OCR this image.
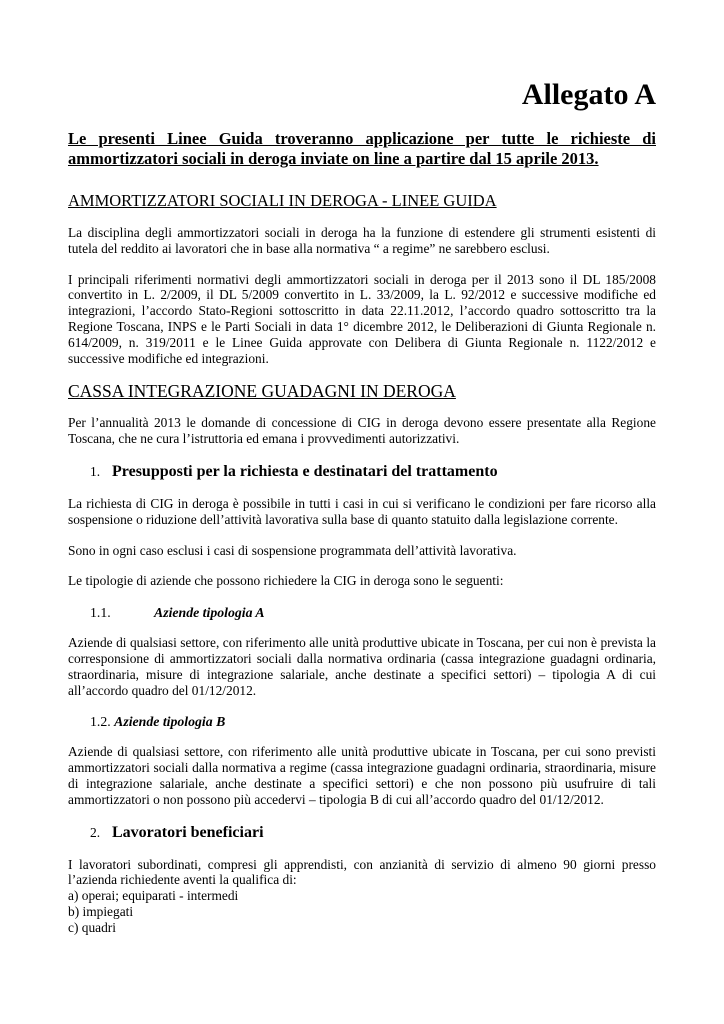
Allegato A
Le presenti Linee Guida troveranno applicazione per tutte le richieste di ammortizzatori sociali in deroga inviate on line a partire dal 15 aprile 2013.
AMMORTIZZATORI SOCIALI IN DEROGA - LINEE GUIDA

La disciplina degli ammortizzatori sociali in deroga ha la funzione di estendere gli strumenti esistenti di tutela del reddito ai lavoratori che in base alla normativa “ a regime” ne sarebbero esclusi.

I principali riferimenti normativi degli ammortizzatori sociali in deroga per il 2013 sono il DL 185/2008 convertito in L. 2/2009, il DL 5/2009 convertito in L. 33/2009, la L. 92/2012 e successive modifiche ed integrazioni, l’accordo Stato-Regioni sottoscritto in data 22.11.2012, l’accordo quadro sottoscritto tra la Regione Toscana, INPS e le Parti Sociali in data 1° dicembre 2012, le Deliberazioni di Giunta Regionale n. 614/2009, n. 319/2011 e le Linee Guida approvate con Delibera di Giunta Regionale n. 1122/2012 e successive modifiche ed integrazioni.

CASSA INTEGRAZIONE GUADAGNI IN DEROGA

Per l’annualità 2013 le domande di concessione di CIG in deroga devono essere presentate alla Regione Toscana, che ne cura l’istruttoria ed emana i provvedimenti autorizzativi.

1. Presupposti per la richiesta e destinatari del trattamento

La richiesta di CIG in deroga è possibile in tutti i casi in cui si verificano le condizioni per fare ricorso alla sospensione o riduzione dell’attività lavorativa sulla base di quanto statuito dalla legislazione corrente.

Sono in ogni caso esclusi i casi di sospensione programmata dell’attività lavorativa.

Le tipologie di aziende che possono richiedere la CIG in deroga sono le seguenti:

1.1.	Aziende tipologia A

Aziende di qualsiasi settore, con riferimento alle unità produttive ubicate in Toscana, per cui non è prevista la corresponsione di ammortizzatori sociali dalla normativa ordinaria (cassa integrazione guadagni ordinaria, straordinaria, misure di integrazione salariale, anche destinate a specifici settori) – tipologia A di cui all’accordo quadro del 01/12/2012.

1.2. Aziende tipologia B

Aziende di qualsiasi settore, con riferimento alle unità produttive ubicate in Toscana, per cui sono previsti ammortizzatori sociali dalla normativa a regime (cassa integrazione guadagni ordinaria, straordinaria, misure di integrazione salariale, anche destinate a specifici settori) e che non possono più usufruire di tali ammortizzatori o non possono più accedervi – tipologia B di cui all’accordo quadro del 01/12/2012.

2. Lavoratori beneficiari

I lavoratori subordinati, compresi gli apprendisti, con anzianità di servizio di almeno 90 giorni presso l’azienda richiedente aventi la qualifica di:

a) operai; equiparati - intermedi
b) impiegati
c) quadri
